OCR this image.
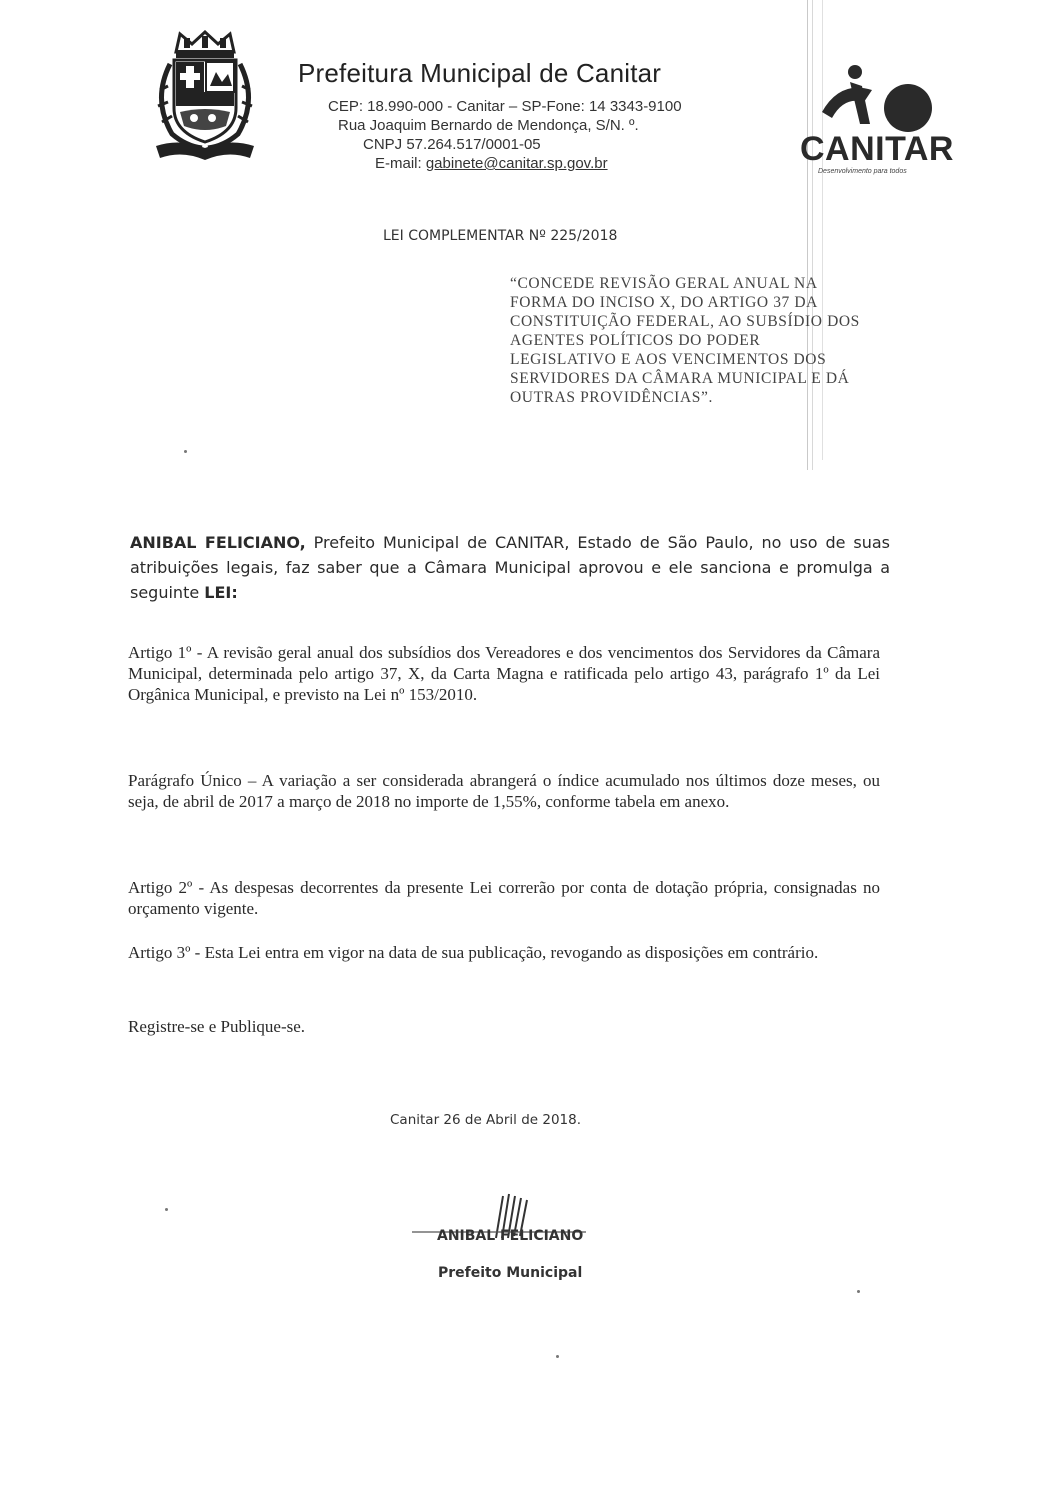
Prefeitura Municipal de Canitar
CEP: 18.990-000 - Canitar – SP-Fone: 14 3343-9100
Rua Joaquim Bernardo de Mendonça, S/N. º.
CNPJ 57.264.517/0001-05
E-mail: gabinete@canitar.sp.gov.br	CANITAR
Desenvolvimento para todos
LEI COMPLEMENTAR Nº 225/2018
“CONCEDE REVISÃO GERAL ANUAL NA
FORMA DO INCISO X, DO ARTIGO 37 DA
CONSTITUIÇÃO FEDERAL, AO SUBSÍDIO DOS
AGENTES POLÍTICOS DO PODER
LEGISLATIVO E AOS VENCIMENTOS DOS
SERVIDORES DA CÂMARA MUNICIPAL E DÁ
OUTRAS PROVIDÊNCIAS”.
ANIBAL FELICIANO, Prefeito Municipal de CANITAR, Estado de São Paulo, no uso de suas atribuições legais, faz saber que a Câmara Municipal aprovou e ele sanciona e promulga a seguinte LEI:
Artigo 1º - A revisão geral anual dos subsídios dos Vereadores e dos vencimentos dos Servidores da Câmara Municipal, determinada pelo artigo 37, X, da Carta Magna e ratificada pelo artigo 43, parágrafo 1º da Lei Orgânica Municipal, e previsto na Lei nº 153/2010.
Parágrafo Único – A variação a ser considerada abrangerá o índice acumulado nos últimos doze meses, ou seja, de abril de 2017 a março de 2018 no importe de 1,55%, conforme tabela em anexo.
Artigo 2º - As despesas decorrentes da presente Lei correrão por conta de dotação própria, consignadas no orçamento vigente.
Artigo 3º - Esta Lei entra em vigor na data de sua publicação, revogando as disposições em contrário.
Registre-se e Publique-se.
Canitar 26 de Abril de 2018.
ANIBAL FELICIANO
Prefeito Municipal
